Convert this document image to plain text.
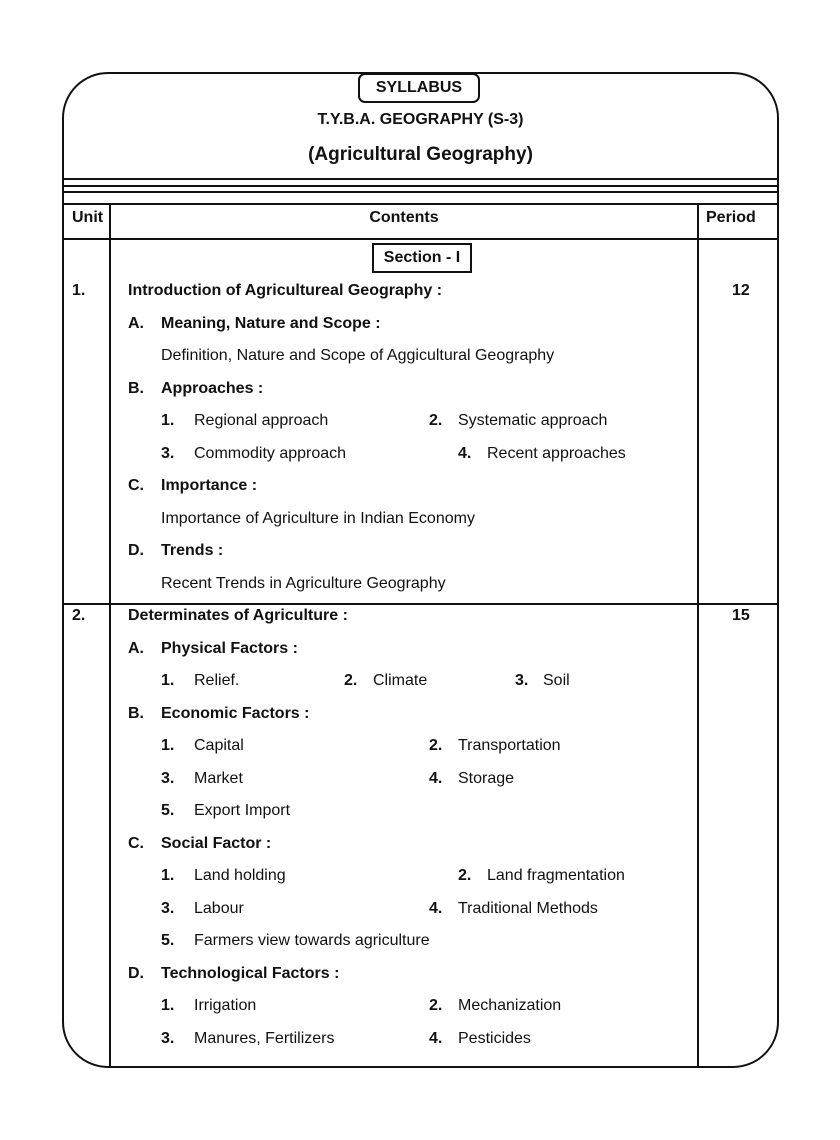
SYLLABUS
T.Y.B.A. GEOGRAPHY (S-3)
(Agricultural Geography)
Unit	Contents	Period
Section - I
1.	Introduction of Agricultureal Geography :	12
A. Meaning, Nature and Scope :
Definition, Nature and Scope of Aggicultural Geography
B. Approaches :
1. Regional approach	2. Systematic approach
3. Commodity approach	4. Recent approaches
C. Importance :
Importance of Agriculture in Indian Economy
D. Trends :
Recent Trends in Agriculture Geography
2.	Determinates of Agriculture :	15
A. Physical Factors :
1. Relief.	2. Climate	3. Soil
B. Economic Factors :
1. Capital	2. Transportation
3. Market	4. Storage
5. Export Import
C. Social Factor :
1. Land holding	2. Land fragmentation
3. Labour	4. Traditional Methods
5. Farmers view towards agriculture
D. Technological Factors :
1. Irrigation	2. Mechanization
3. Manures, Fertilizers	4. Pesticides
